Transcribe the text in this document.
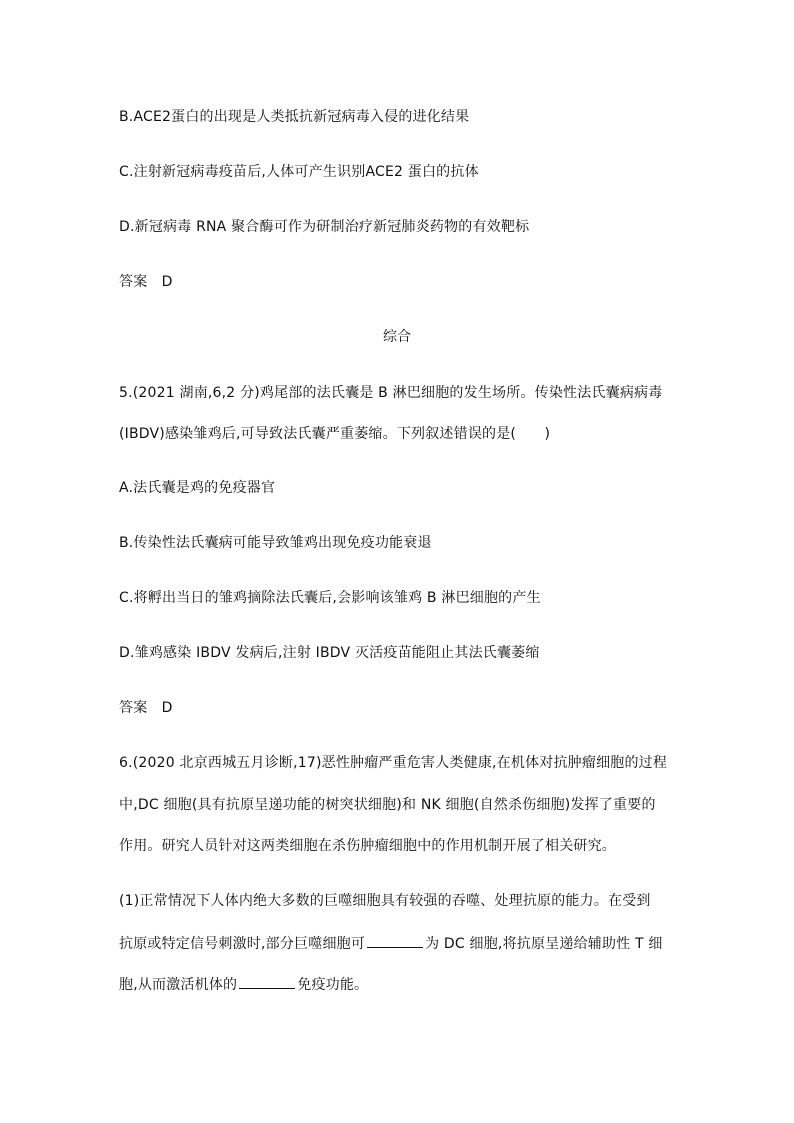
B.ACE2蛋白的出现是人类抵抗新冠病毒入侵的进化结果
C.注射新冠病毒疫苗后,人体可产生识别ACE2 蛋白的抗体
D.新冠病毒 RNA 聚合酶可作为研制治疗新冠肺炎药物的有效靶标
答案　D
综合
5.(2021 湖南,6,2 分)鸡尾部的法氏囊是 B 淋巴细胞的发生场所。传染性法氏囊病病毒
(IBDV)感染雏鸡后,可导致法氏囊严重萎缩。下列叙述错误的是(　　)
A.法氏囊是鸡的免疫器官
B.传染性法氏囊病可能导致雏鸡出现免疫功能衰退
C.将孵出当日的雏鸡摘除法氏囊后,会影响该雏鸡 B 淋巴细胞的产生
D.雏鸡感染 IBDV 发病后,注射 IBDV 灭活疫苗能阻止其法氏囊萎缩
答案　D
6.(2020 北京西城五月诊断,17)恶性肿瘤严重危害人类健康,在机体对抗肿瘤细胞的过程
中,DC 细胞(具有抗原呈递功能的树突状细胞)和 NK 细胞(自然杀伤细胞)发挥了重要的
作用。研究人员针对这两类细胞在杀伤肿瘤细胞中的作用机制开展了相关研究。
(1)正常情况下人体内绝大多数的巨噬细胞具有较强的吞噬、处理抗原的能力。在受到
抗原或特定信号刺激时,部分巨噬细胞可	为 DC 细胞,将抗原呈递给辅助性 T 细
胞,从而激活机体的	免疫功能。
